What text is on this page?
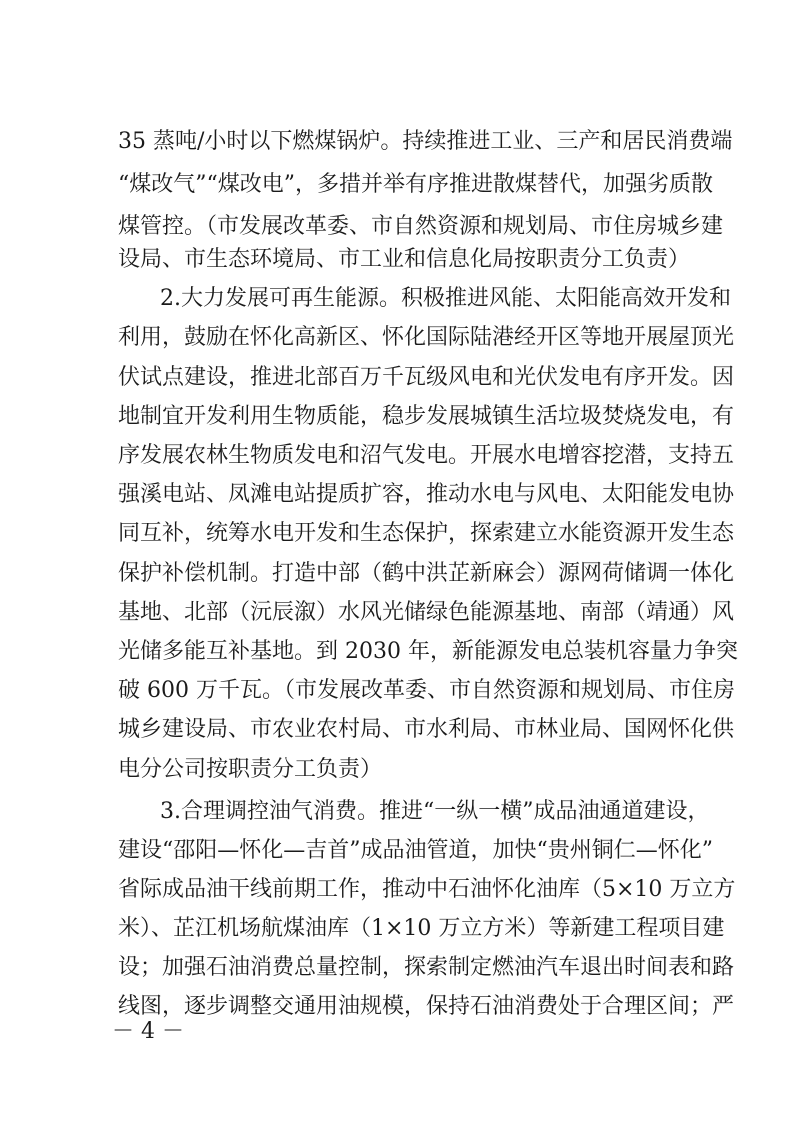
35 蒸吨/小时以下燃煤锅炉。持续推进工业、三产和居民消费端
“煤改气”“煤改电”，多措并举有序推进散煤替代，加强劣质散
煤管控。（市发展改革委、市自然资源和规划局、市住房城乡建
设局、市生态环境局、市工业和信息化局按职责分工负责）
2.大力发展可再生能源。积极推进风能、太阳能高效开发和
利用，鼓励在怀化高新区、怀化国际陆港经开区等地开展屋顶光
伏试点建设，推进北部百万千瓦级风电和光伏发电有序开发。因
地制宜开发利用生物质能，稳步发展城镇生活垃圾焚烧发电，有
序发展农林生物质发电和沼气发电。开展水电增容挖潜，支持五
强溪电站、凤滩电站提质扩容，推动水电与风电、太阳能发电协
同互补，统筹水电开发和生态保护，探索建立水能资源开发生态
保护补偿机制。打造中部（鹤中洪芷新麻会）源网荷储调一体化
基地、北部（沅辰溆）水风光储绿色能源基地、南部（靖通）风
光储多能互补基地。到 2030 年，新能源发电总装机容量力争突
破 600 万千瓦。（市发展改革委、市自然资源和规划局、市住房
城乡建设局、市农业农村局、市水利局、市林业局、国网怀化供
电分公司按职责分工负责）
3.合理调控油气消费。推进“一纵一横”成品油通道建设，
建设“邵阳—怀化—吉首”成品油管道，加快“贵州铜仁—怀化”
省际成品油干线前期工作，推动中石油怀化油库（5×10 万立方
米）、芷江机场航煤油库（1×10 万立方米）等新建工程项目建
设；加强石油消费总量控制，探索制定燃油汽车退出时间表和路
线图，逐步调整交通用油规模，保持石油消费处于合理区间；严
－ 4 －
